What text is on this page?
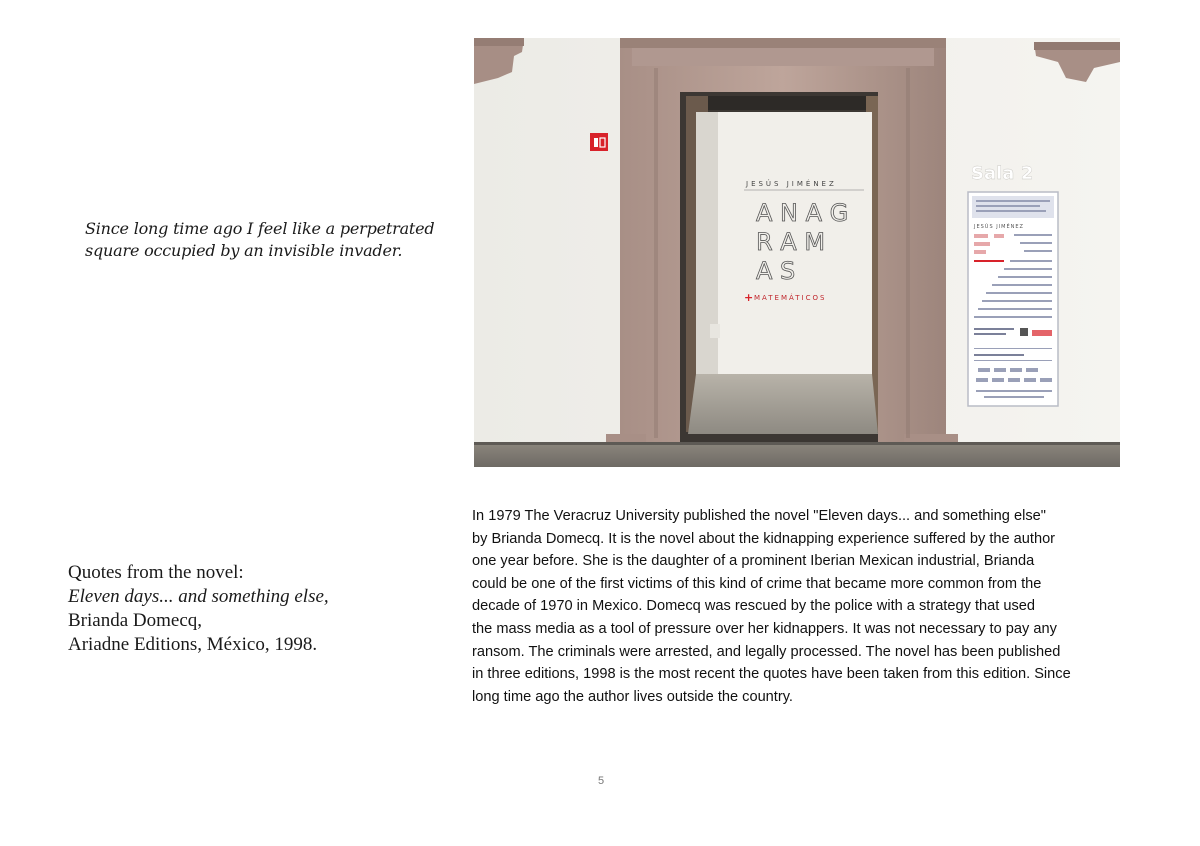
Since long time ago I feel like a perpetrated
square occupied by an invisible invader.
Quotes from the novel:
Eleven days... and something else,
Brianda Domecq,
Ariadne Editions, México, 1998.
JESÚS JIMÉNEZ
A N A G
R A M
A S
+ MATEMÁTICOS
Sala 2
JESÚS JIMÉNEZ
In 1979 The Veracruz University published the novel "Eleven days... and something else"
by Brianda Domecq. It is the novel about the kidnapping experience suffered by the author
one year before. She is the daughter of a prominent Iberian Mexican industrial, Brianda
could be one of the first victims of this kind of crime that became more common from the
decade of 1970 in Mexico. Domecq was rescued by the police with a strategy that used
the mass media as a tool of pressure over her kidnappers. It was not necessary to pay any
ransom. The criminals were arrested, and legally processed. The novel has been published
in three editions, 1998 is the most recent the quotes have been taken from this edition. Since
long time ago the author lives outside the country.
5
